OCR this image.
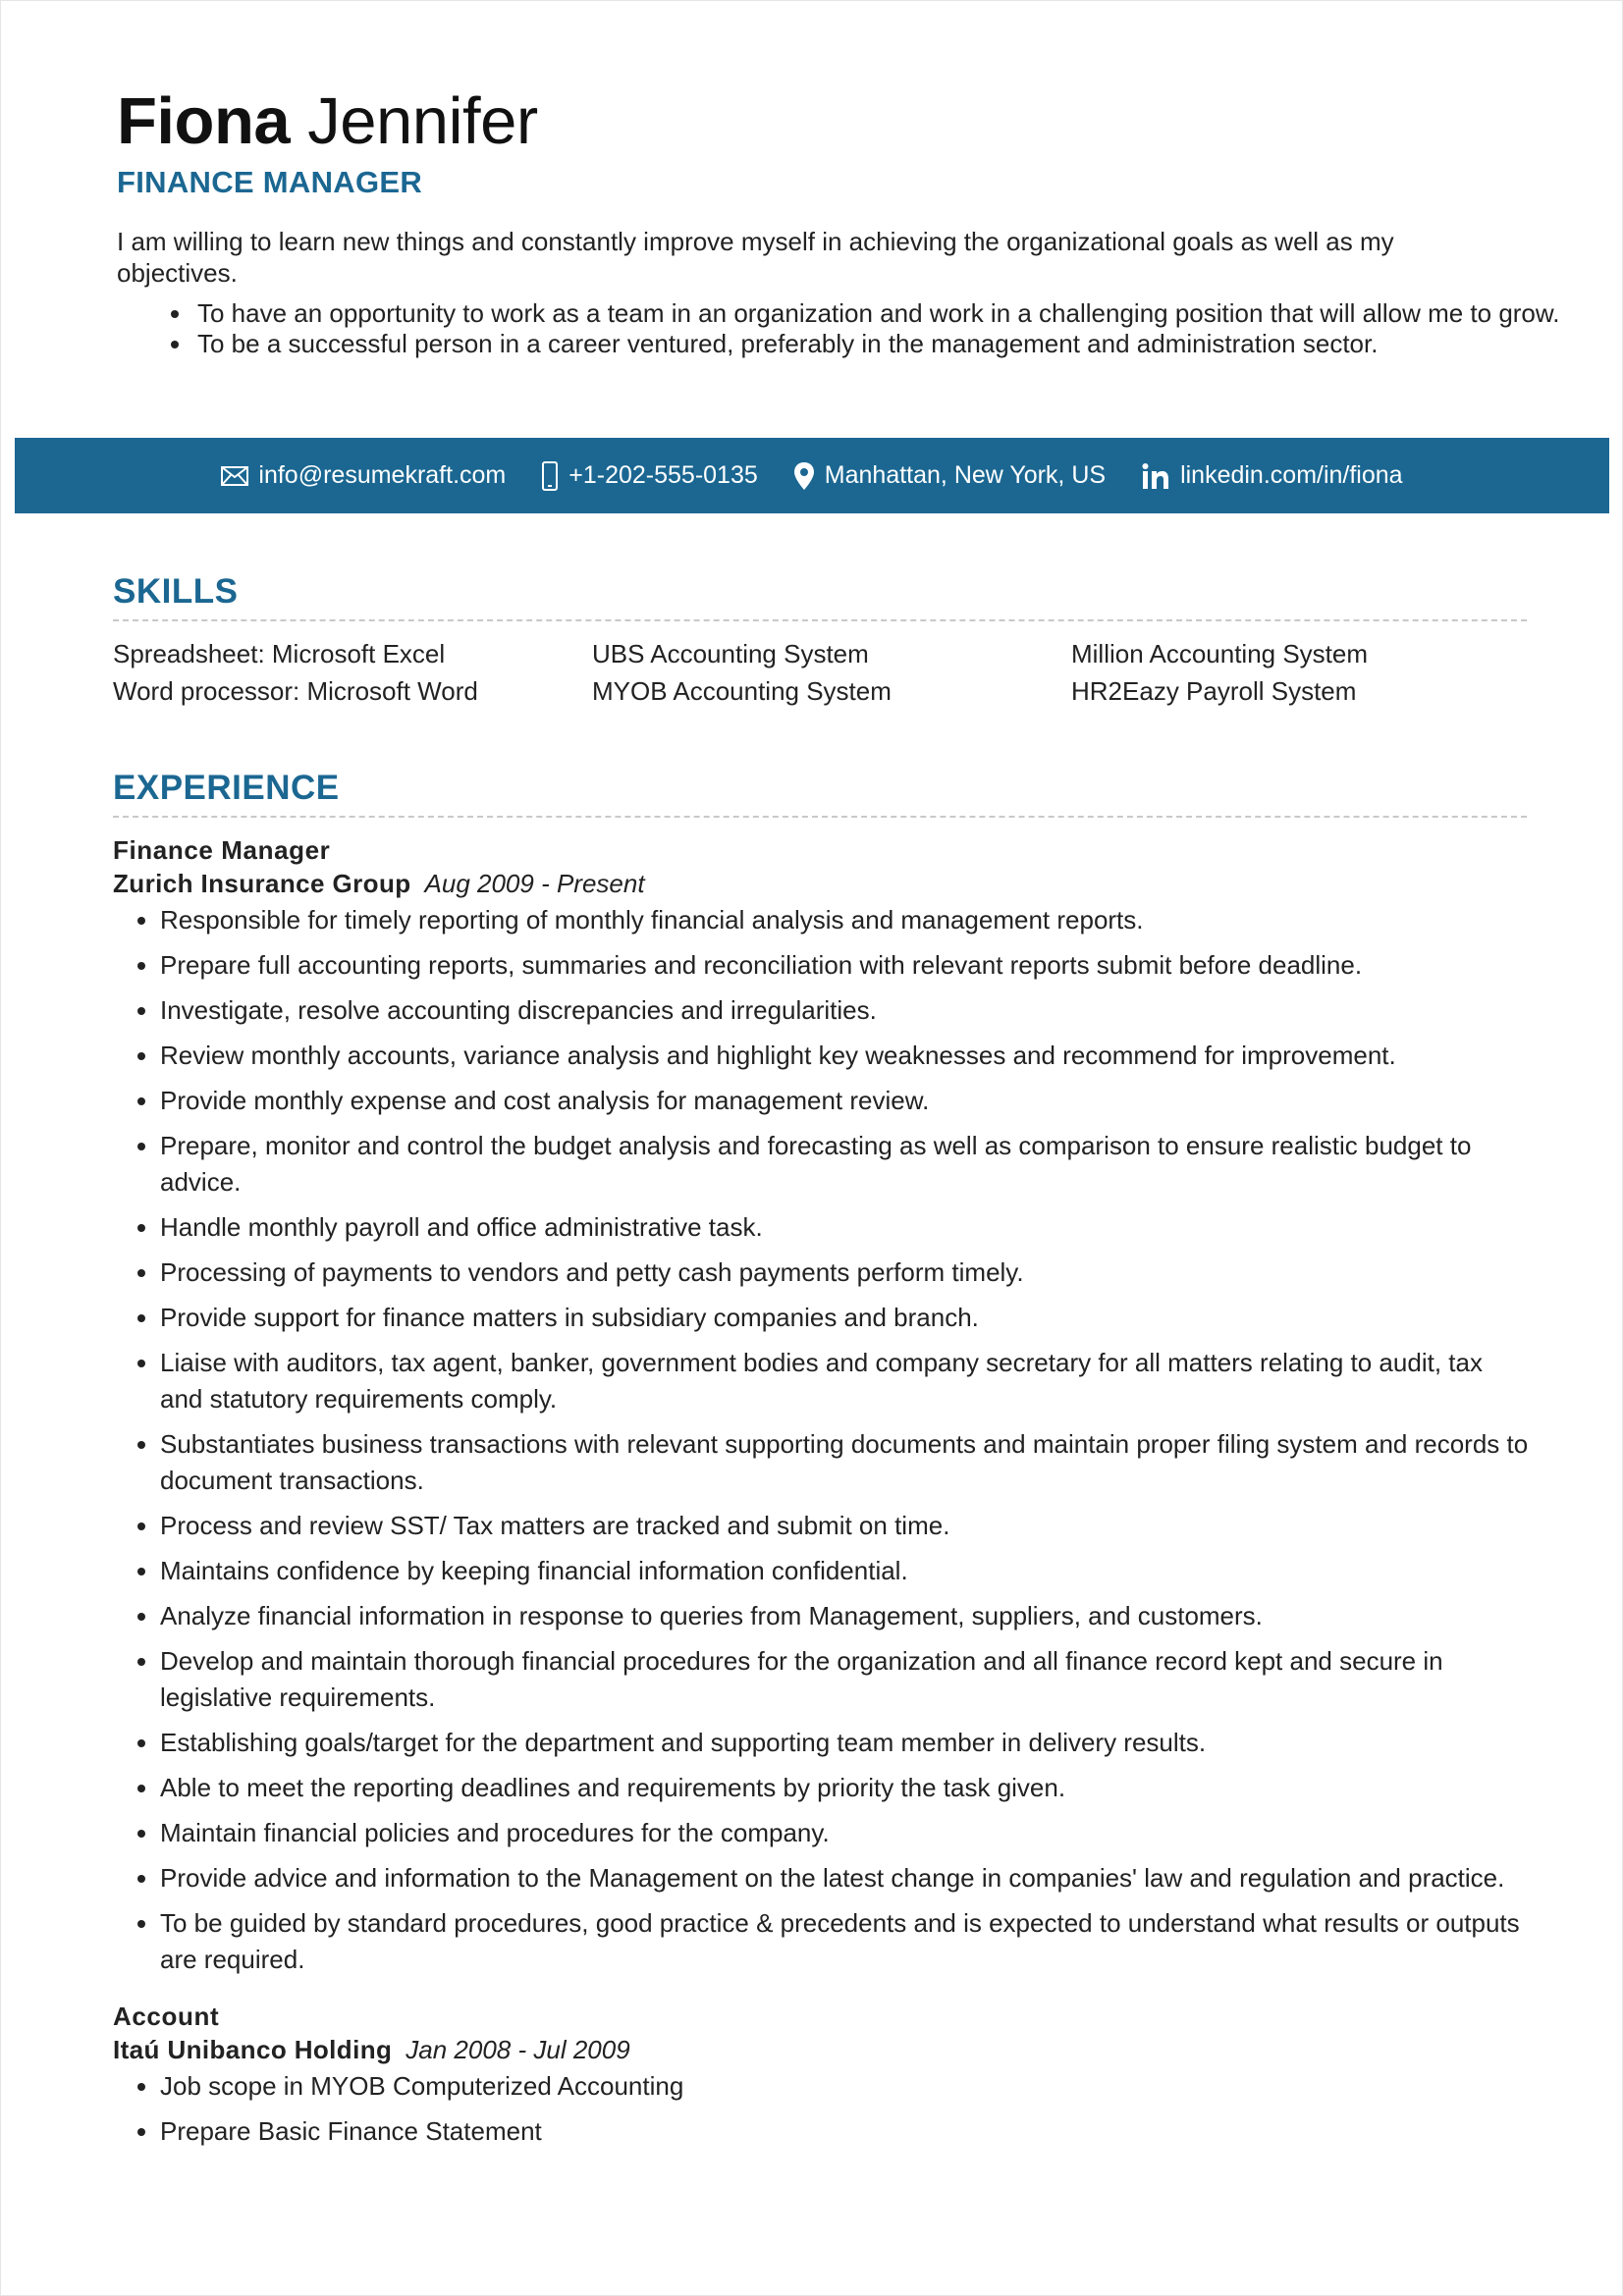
Fiona Jennifer
FINANCE MANAGER
I am willing to learn new things and constantly improve myself in achieving the organizational goals as well as my objectives.
• To have an opportunity to work as a team in an organization and work in a challenging position that will allow me to grow.
• To be a successful person in a career ventured, preferably in the management and administration sector.
info@resumekraft.com	+1-202-555-0135	Manhattan, New York, US	linkedin.com/in/fiona
SKILLS
Spreadsheet: Microsoft Excel	UBS Accounting System	Million Accounting System
Word processor: Microsoft Word	MYOB Accounting System	HR2Eazy Payroll System
EXPERIENCE
Finance Manager
Zurich Insurance Group Aug 2009 - Present
• Responsible for timely reporting of monthly financial analysis and management reports.
• Prepare full accounting reports, summaries and reconciliation with relevant reports submit before deadline.
• Investigate, resolve accounting discrepancies and irregularities.
• Review monthly accounts, variance analysis and highlight key weaknesses and recommend for improvement.
• Provide monthly expense and cost analysis for management review.
• Prepare, monitor and control the budget analysis and forecasting as well as comparison to ensure realistic budget to advice.
• Handle monthly payroll and office administrative task.
• Processing of payments to vendors and petty cash payments perform timely.
• Provide support for finance matters in subsidiary companies and branch.
• Liaise with auditors, tax agent, banker, government bodies and company secretary for all matters relating to audit, tax and statutory requirements comply.
• Substantiates business transactions with relevant supporting documents and maintain proper filing system and records to document transactions.
• Process and review SST/ Tax matters are tracked and submit on time.
• Maintains confidence by keeping financial information confidential.
• Analyze financial information in response to queries from Management, suppliers, and customers.
• Develop and maintain thorough financial procedures for the organization and all finance record kept and secure in legislative requirements.
• Establishing goals/target for the department and supporting team member in delivery results.
• Able to meet the reporting deadlines and requirements by priority the task given.
• Maintain financial policies and procedures for the company.
• Provide advice and information to the Management on the latest change in companies' law and regulation and practice.
• To be guided by standard procedures, good practice & precedents and is expected to understand what results or outputs are required.
Account
Itaú Unibanco Holding Jan 2008 - Jul 2009
• Job scope in MYOB Computerized Accounting
• Prepare Basic Finance Statement
